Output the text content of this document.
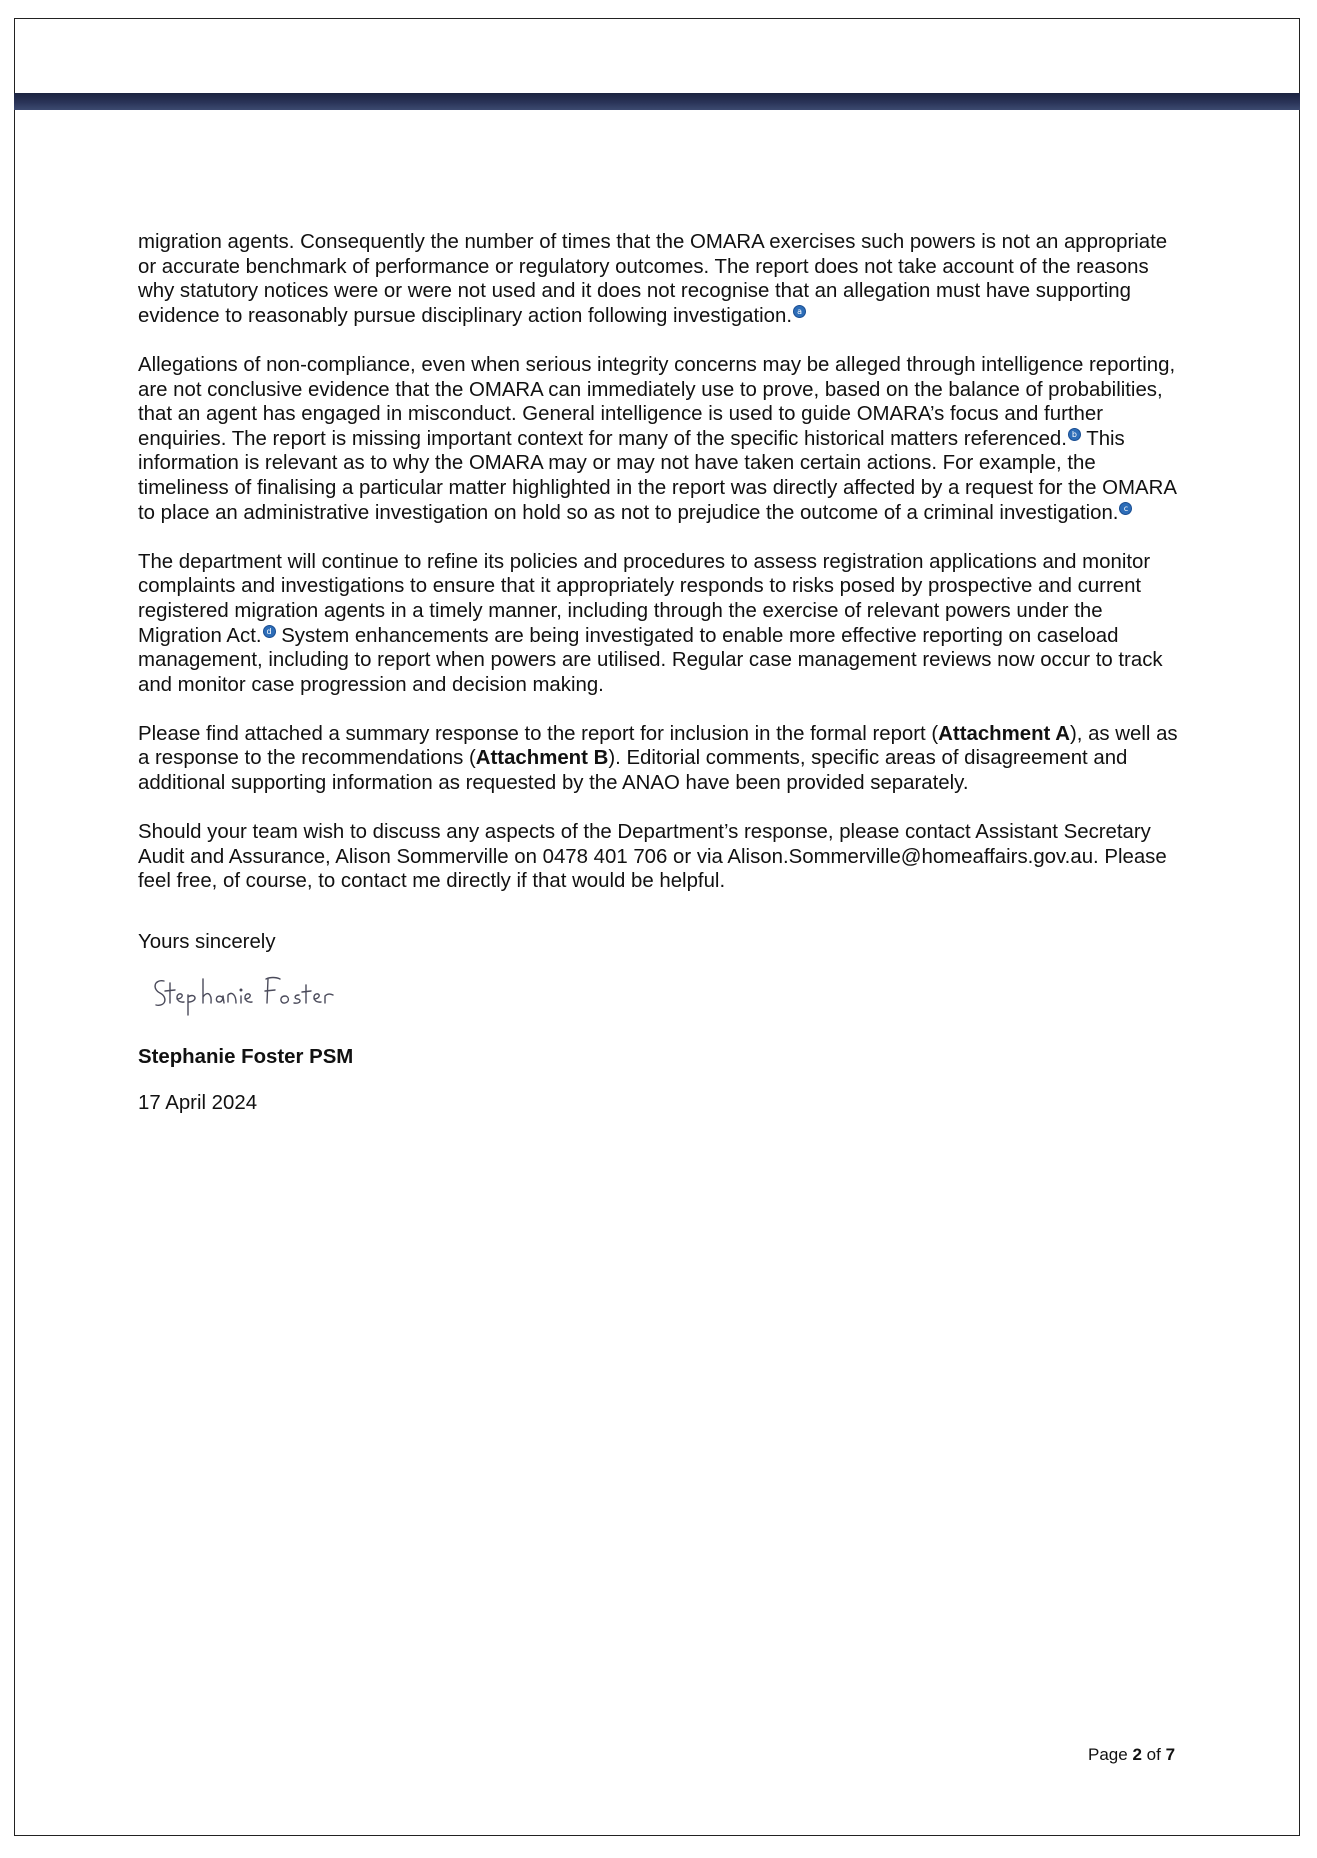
migration agents. Consequently the number of times that the OMARA exercises such powers is not an appropriate or accurate benchmark of performance or regulatory outcomes. The report does not take account of the reasons why statutory notices were or were not used and it does not recognise that an allegation must have supporting evidence to reasonably pursue disciplinary action following investigation. a

Allegations of non-compliance, even when serious integrity concerns may be alleged through intelligence reporting, are not conclusive evidence that the OMARA can immediately use to prove, based on the balance of probabilities, that an agent has engaged in misconduct. General intelligence is used to guide OMARA’s focus and further enquiries. The report is missing important context for many of the specific historical matters referenced. b This information is relevant as to why the OMARA may or may not have taken certain actions. For example, the timeliness of finalising a particular matter highlighted in the report was directly affected by a request for the OMARA to place an administrative investigation on hold so as not to prejudice the outcome of a criminal investigation. c

The department will continue to refine its policies and procedures to assess registration applications and monitor complaints and investigations to ensure that it appropriately responds to risks posed by prospective and current registered migration agents in a timely manner, including through the exercise of relevant powers under the Migration Act. d System enhancements are being investigated to enable more effective reporting on caseload management, including to report when powers are utilised. Regular case management reviews now occur to track and monitor case progression and decision making.

Please find attached a summary response to the report for inclusion in the formal report (Attachment A), as well as a response to the recommendations (Attachment B). Editorial comments, specific areas of disagreement and additional supporting information as requested by the ANAO have been provided separately.

Should your team wish to discuss any aspects of the Department’s response, please contact Assistant Secretary Audit and Assurance, Alison Sommerville on 0478 401 706 or via Alison.Sommerville@homeaffairs.gov.au. Please feel free, of course, to contact me directly if that would be helpful.

Yours sincerely

Stephanie Foster PSM

17 April 2024

Page 2 of 7
